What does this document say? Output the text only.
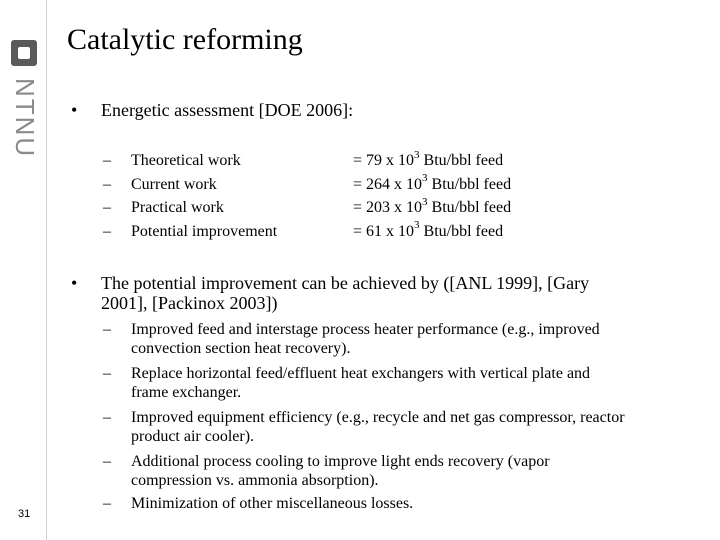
NTNU
31
Catalytic reforming
• Energetic assessment [DOE 2006]:
– Theoretical work	= 79 x $10^3$ Btu/bbl feed
– Current work	= 264 x $10^3$ Btu/bbl feed
– Practical work	= 203 x $10^3$ Btu/bbl feed
– Potential improvement	= 61 x $10^3$ Btu/bbl feed
• The potential improvement can be achieved by ([ANL 1999], [Gary
2001], [Packinox 2003])
– Improved feed and interstage process heater performance (e.g., improved
convection section heat recovery).
– Replace horizontal feed/effluent heat exchangers with vertical plate and
frame exchanger.
– Improved equipment efficiency (e.g., recycle and net gas compressor, reactor
product air cooler).
– Additional process cooling to improve light ends recovery (vapor
compression vs. ammonia absorption).
– Minimization of other miscellaneous losses.
